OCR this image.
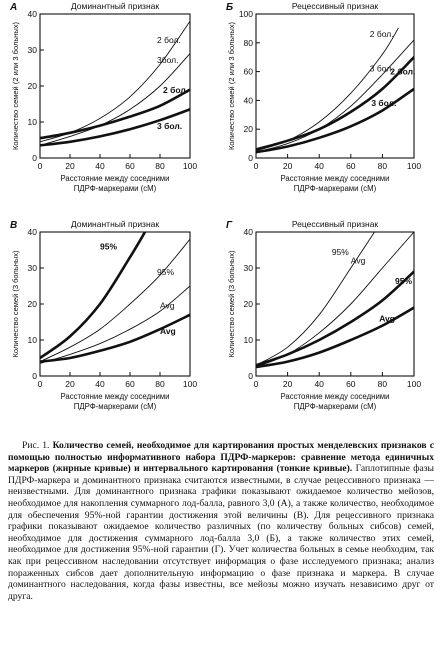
А	Доминантный признак
0	20 40 60 80 100
0
10
20
30
40
Расстояние между соседними
ПДРФ-маркерами (сМ)
Количество семей (2 или 3 больных)	2 бол.
3бол.
2 бол.
3 бол.
Б	Рецессивный признак
0	20	40	60	80 100
0
20
40
60
80
100
Расстояние между соседними
ПДРФ-маркерами (сМ)
Количество семей (2 или 3 больных)	2 бол.
3 бол.
2 бол.
3 бол.
В	Доминантный признак
0	20 40 60 80 100
0
10
20
30
40
Расстояние между соседними
ПДРФ-маркерами (сМ)
Количество семей (3 больных)
95%
95%
Avg
Avg
Г	Рецессивный признак
0	20	40	60	80 100
0
10
20
30
40
Расстояние между соседними
ПДРФ-маркерами (сМ)
Количество семей (3 больных)	95%
Avg
95%
Avg

Рис. 1. Количество семей, необходимое для картирования простых менделевских признаков с помощью полностью информативного набора ПДРФ-маркеров: сравнение метода единичных маркеров (жирные кривые) и интервального картирования (тонкие кривые). Гаплотипные фазы ПДРФ-маркера и доминантного признака считаются известными, в случае рецессивного признака — неизвестными. Для доминантного признака графики показывают ожидаемое количество мейозов, необходимое для накопления суммарного лод-балла, равного 3,0 (А), а также количество, необходимое для обеспечения 95%-ной гарантии достижения этой величины (В). Для рецессивного признака графики показывают ожидаемое количество различных (по количеству больных сибсов) семей, необходимое для достижения суммарного лод-балла 3,0 (Б), а также количество этих семей, необходимое для достижения 95%-ной гарантии (Г). Учет количества больных в семье необходим, так как при рецессивном наследовании отсутствует информация о фазе исследуемого признака; анализ пораженных сибсов дает дополнительную информацию о фазе признака и маркера. В случае доминантного наследования, когда фазы известны, все мейозы можно изучать независимо друг от друга.
